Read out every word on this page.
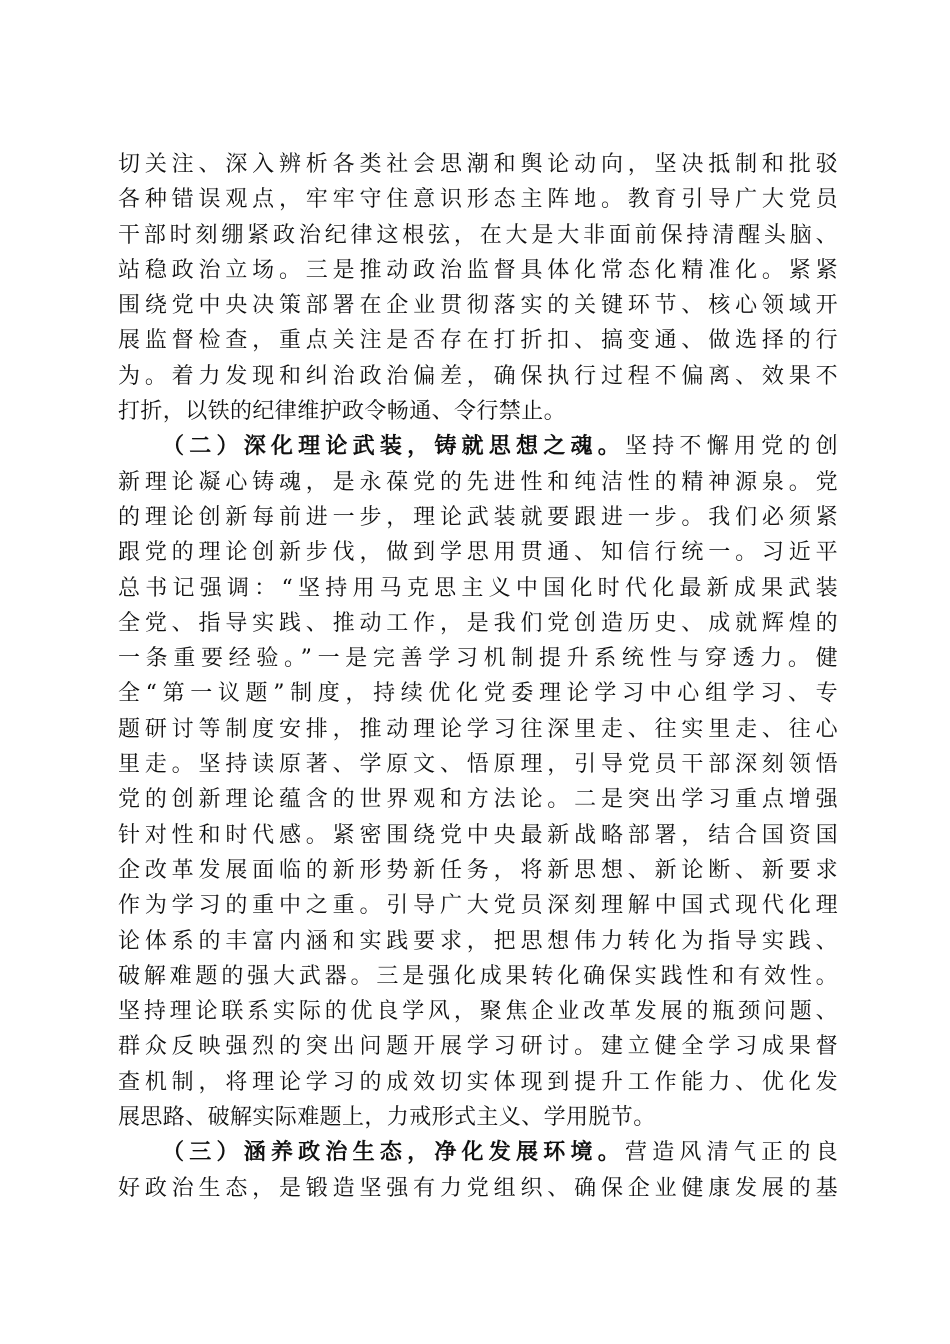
切关注、深入辨析各类社会思潮和舆论动向，坚决抵制和批驳
各种错误观点，牢牢守住意识形态主阵地。教育引导广大党员
干部时刻绷紧政治纪律这根弦，在大是大非面前保持清醒头脑、
站稳政治立场。三是推动政治监督具体化常态化精准化。紧紧
围绕党中央决策部署在企业贯彻落实的关键环节、核心领域开
展监督检查，重点关注是否存在打折扣、搞变通、做选择的行
为。着力发现和纠治政治偏差，确保执行过程不偏离、效果不
打折，以铁的纪律维护政令畅通、令行禁止。
（二）深化理论武装，铸就思想之魂。坚持不懈用党的创
新理论凝心铸魂，是永葆党的先进性和纯洁性的精神源泉。党
的理论创新每前进一步，理论武装就要跟进一步。我们必须紧
跟党的理论创新步伐，做到学思用贯通、知信行统一。习近平
总书记强调：“坚持用马克思主义中国化时代化最新成果武装
全党、指导实践、推动工作，是我们党创造历史、成就辉煌的
一条重要经验。”一是完善学习机制提升系统性与穿透力。健
全“第一议题”制度，持续优化党委理论学习中心组学习、专
题研讨等制度安排，推动理论学习往深里走、往实里走、往心
里走。坚持读原著、学原文、悟原理，引导党员干部深刻领悟
党的创新理论蕴含的世界观和方法论。二是突出学习重点增强
针对性和时代感。紧密围绕党中央最新战略部署，结合国资国
企改革发展面临的新形势新任务，将新思想、新论断、新要求
作为学习的重中之重。引导广大党员深刻理解中国式现代化理
论体系的丰富内涵和实践要求，把思想伟力转化为指导实践、
破解难题的强大武器。三是强化成果转化确保实践性和有效性。
坚持理论联系实际的优良学风，聚焦企业改革发展的瓶颈问题、
群众反映强烈的突出问题开展学习研讨。建立健全学习成果督
查机制，将理论学习的成效切实体现到提升工作能力、优化发
展思路、破解实际难题上，力戒形式主义、学用脱节。
（三）涵养政治生态，净化发展环境。营造风清气正的良
好政治生态，是锻造坚强有力党组织、确保企业健康发展的基
